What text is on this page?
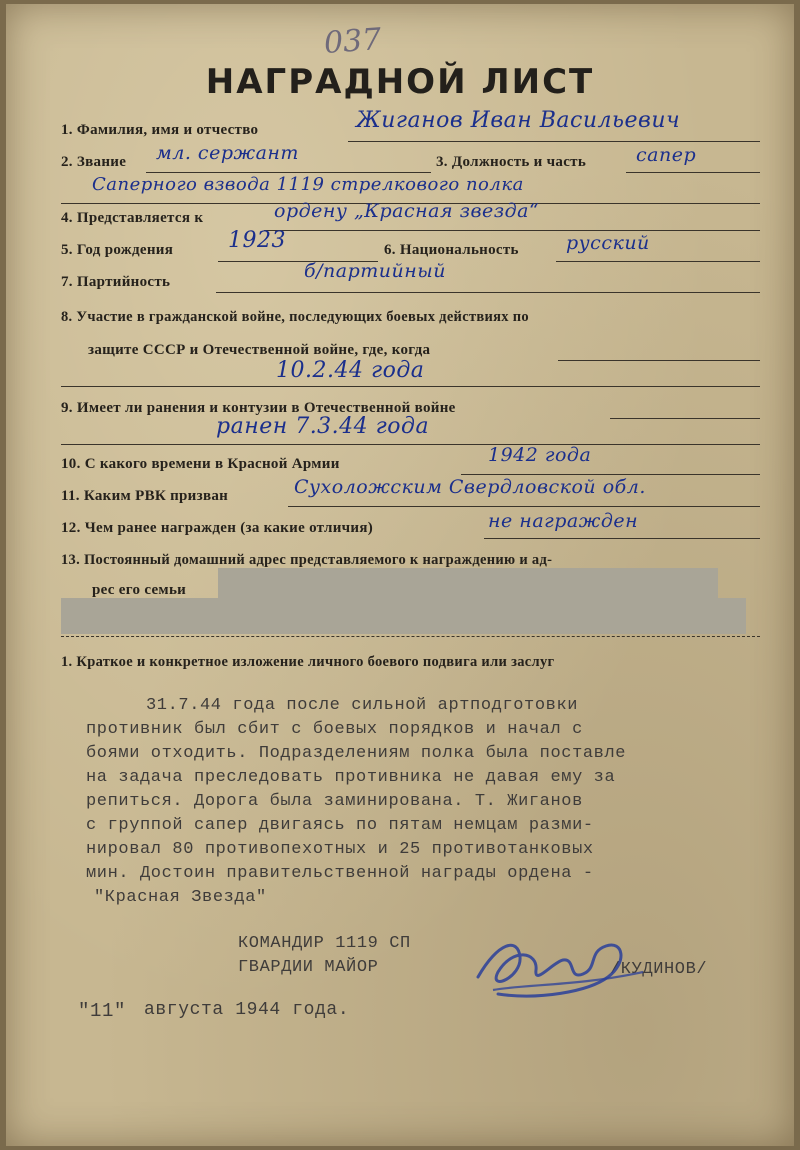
037
НАГРАДНОЙ ЛИСТ
1. Фамилия, имя и отчество	Жиганов Иван Васильевич
2. Звание мл. сержант	3. Должность и часть	сапер
Саперного взвода 1119 стрелкового полка
4. Представляется к	ордену „Красная звезда“
5. Год рождения 1923	6. Национальность русский
7. Партийность	б/партийный
8. Участие в гражданской войне, последующих боевых действиях по
защите СССР и Отечественной войне, где, когда
10.2.44 года
9. Имеет ли ранения и контузии в Отечественной войне
ранен 7.3.44 года
10. С какого времени в Красной Армии	1942 года
11. Каким РВК призван	Сухоложским Свердловской обл.
12. Чем ранее награжден (за какие отличия)	не награжден
13. Постоянный домашний адрес представляемого к награждению и ад-
рес его семьи
1. Краткое и конкретное изложение личного боевого подвига или заслуг
31.7.44 года после сильной артподготовки
противник был сбит с боевых порядков и начал с
боями отходить. Подразделениям полка была поставле
на задача преследовать противника не давая ему за
репиться. Дорога была заминирована. Т. Жиганов
с группой сапер двигаясь по пятам немцам разми-
нировал 80 противопехотных и 25 противотанковых
мин. Достоин правительственной награды ордена -
"Красная Звезда"
КОМАНДИР 1119 СП
ГВАРДИИ МАЙОР	/КУДИНОВ/
"11" августа 1944 года.
